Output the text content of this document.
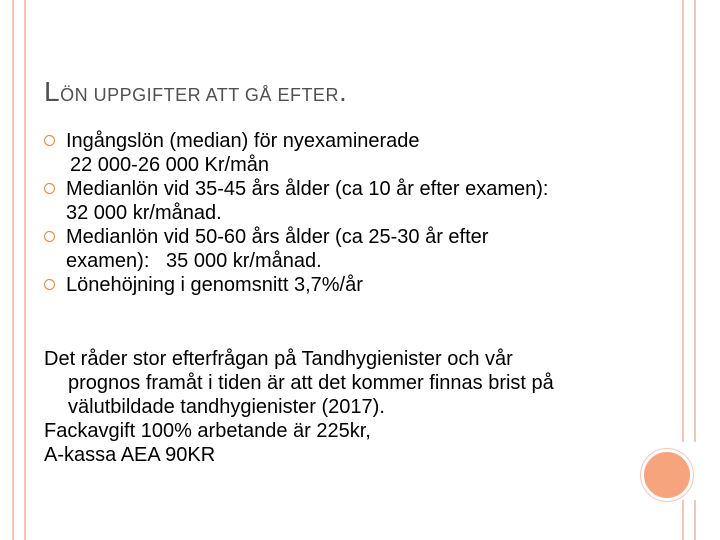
LÖN UPPGIFTER ATT GÅ EFTER.
Ingångslön (median) för nyexaminerade
22 000-26 000 Kr/mån
Medianlön vid 35-45 års ålder (ca 10 år efter examen):
32 000 kr/månad.
Medianlön vid 50-60 års ålder (ca 25-30 år efter
examen):   35 000 kr/månad.
Lönehöjning i genomsnitt 3,7%/år
Det råder stor efterfrågan på Tandhygienister och vår
prognos framåt i tiden är att det kommer finnas brist på
välutbildade tandhygienister (2017).
Fackavgift 100% arbetande är 225kr,
A-kassa AEA 90KR
